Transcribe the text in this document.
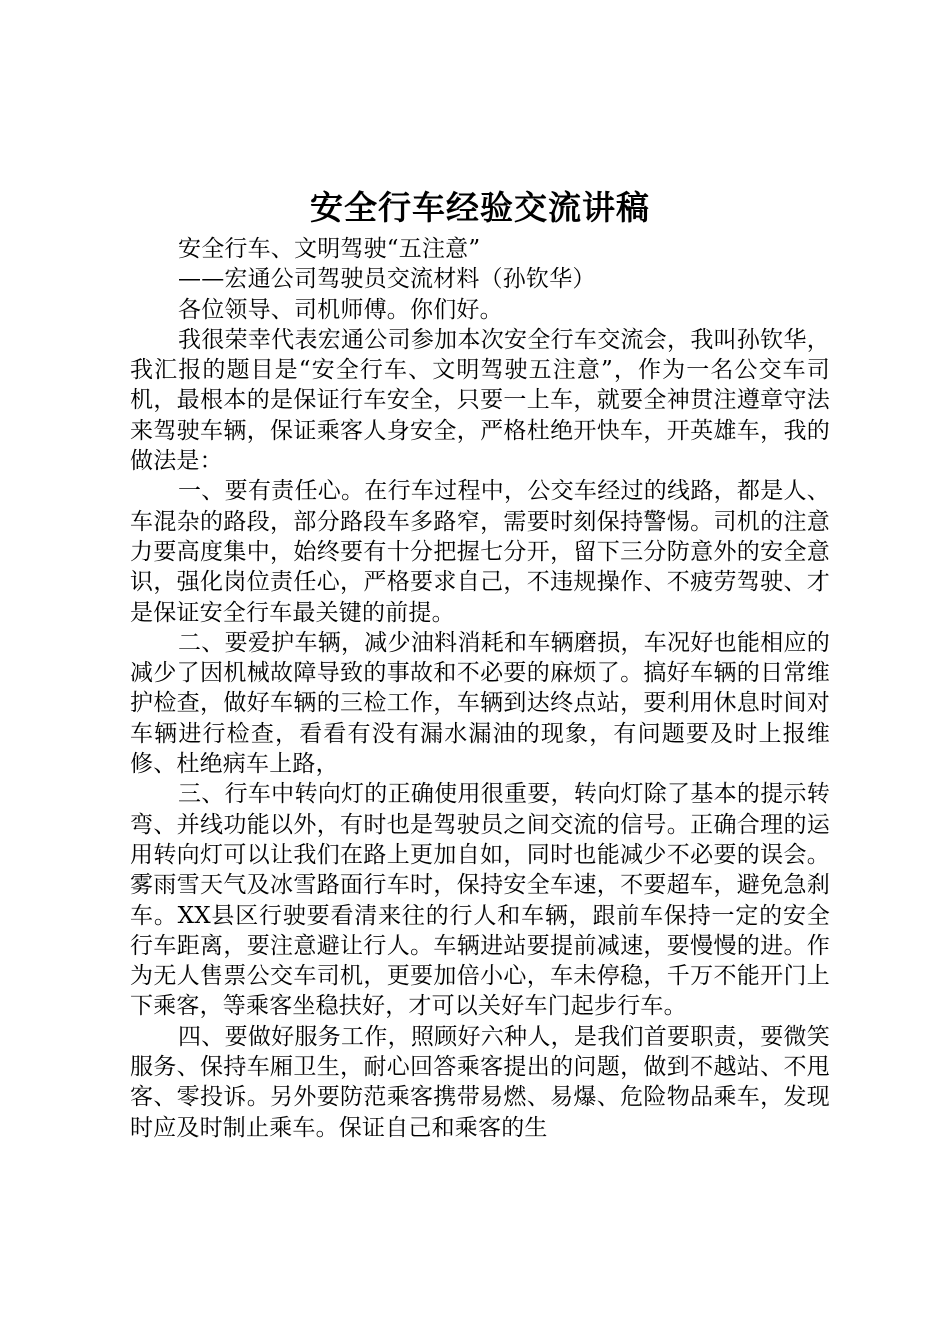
安全行车经验交流讲稿

安全行车、文明驾驶“五注意”

——宏通公司驾驶员交流材料（孙钦华）

各位领导、司机师傅。你们好。

我很荣幸代表宏通公司参加本次安全行车交流会，我叫孙钦华，我汇报的题目是“安全行车、文明驾驶五注意”，作为一名公交车司机，最根本的是保证行车安全，只要一上车，就要全神贯注遵章守法来驾驶车辆，保证乘客人身安全，严格杜绝开快车，开英雄车，我的做法是：

一、要有责任心。在行车过程中，公交车经过的线路，都是人、车混杂的路段，部分路段车多路窄，需要时刻保持警惕。司机的注意力要高度集中，始终要有十分把握七分开，留下三分防意外的安全意识，强化岗位责任心，严格要求自己，不违规操作、不疲劳驾驶、才是保证安全行车最关键的前提。

二、要爱护车辆，减少油料消耗和车辆磨损，车况好也能相应的减少了因机械故障导致的事故和不必要的麻烦了。搞好车辆的日常维护检查，做好车辆的三检工作，车辆到达终点站，要利用休息时间对车辆进行检查，看看有没有漏水漏油的现象，有问题要及时上报维修、杜绝病车上路，

三、行车中转向灯的正确使用很重要，转向灯除了基本的提示转弯、并线功能以外，有时也是驾驶员之间交流的信号。正确合理的运用转向灯可以让我们在路上更加自如，同时也能减少不必要的误会。雾雨雪天气及冰雪路面行车时，保持安全车速，不要超车，避免急刹车。XX县区行驶要看清来往的行人和车辆，跟前车保持一定的安全行车距离，要注意避让行人。车辆进站要提前减速，要慢慢的进。作为无人售票公交车司机，更要加倍小心，车未停稳，千万不能开门上下乘客，等乘客坐稳扶好，才可以关好车门起步行车。

四、要做好服务工作，照顾好六种人，是我们首要职责，要微笑服务、保持车厢卫生，耐心回答乘客提出的问题，做到不越站、不甩客、零投诉。另外要防范乘客携带易燃、易爆、危险物品乘车，发现时应及时制止乘车。保证自己和乘客的生
